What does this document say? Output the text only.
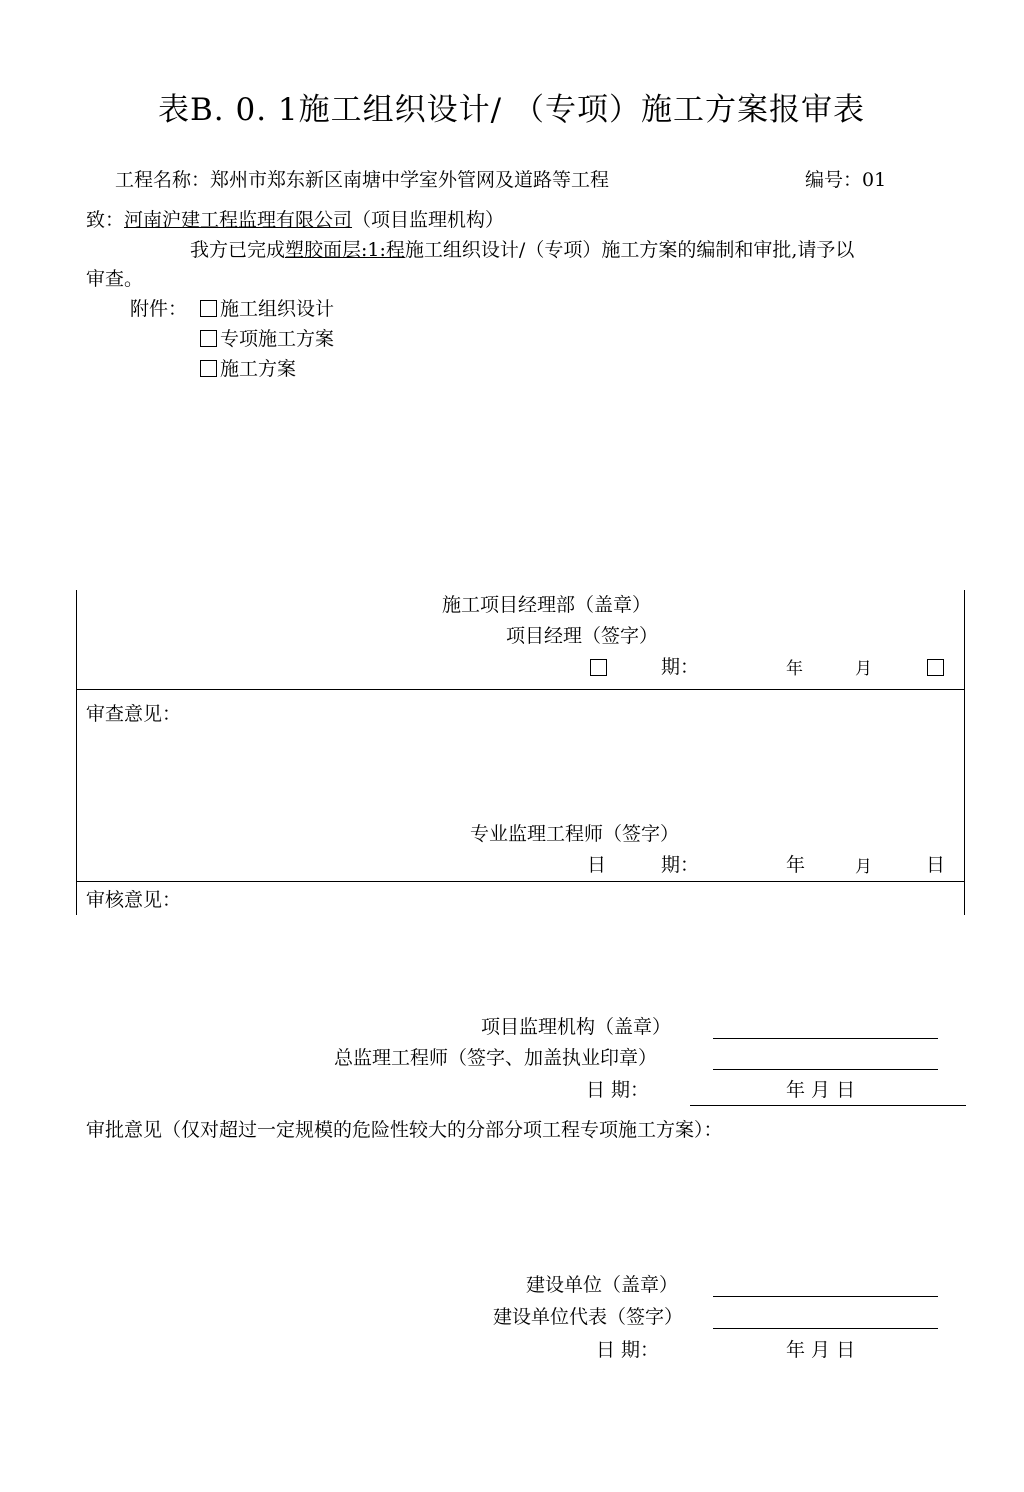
表B. 0. 1施工组织设计/ （专项）施工方案报审表
工程名称：郑州市郑东新区南塘中学室外管网及道路等工程	编号：01
致：河南沪建工程监理有限公司（项目监理机构）
我方已完成塑胶面层:1:程施工组织设计/（专项）施工方案的编制和审批,请予以
审查。
附件：	施工组织设计
专项施工方案
施工方案
施工项目经理部（盖章）
项目经理（签字）
期：	年	月
审查意见：
专业监理工程师（签字）
日	期：	年	月	日
审核意见：
项目监理机构（盖章）
总监理工程师（签字、加盖执业印章）
日 期：	年 月 日
审批意见（仅对超过一定规模的危险性较大的分部分项工程专项施工方案）：
建设单位（盖章）
建设单位代表（签字）
日 期：	年 月 日
